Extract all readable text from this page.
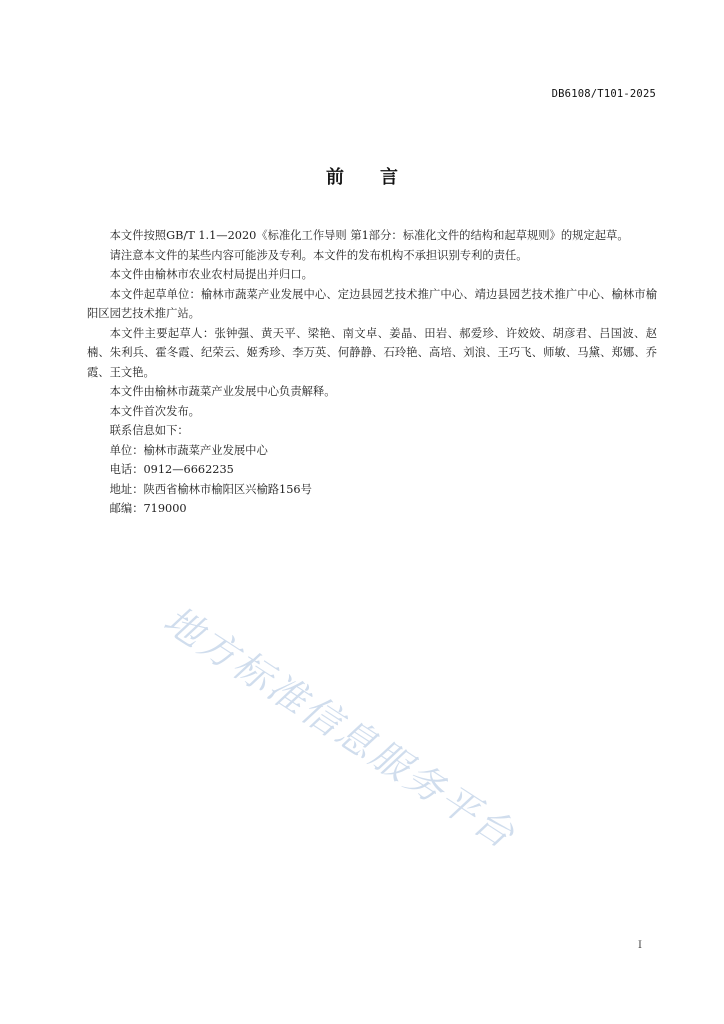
DB6108/T101-2025
前　　言

本文件按照GB/T 1.1—2020《标准化工作导则 第1部分：标准化文件的结构和起草规则》的规定起草。

请注意本文件的某些内容可能涉及专利。本文件的发布机构不承担识别专利的责任。

本文件由榆林市农业农村局提出并归口。

本文件起草单位：榆林市蔬菜产业发展中心、定边县园艺技术推广中心、靖边县园艺技术推广中心、榆林市榆阳区园艺技术推广站。

本文件主要起草人：张钟强、黄天平、梁艳、南文卓、姜晶、田岩、郝爱珍、许姣姣、胡彦君、吕国波、赵楠、朱利兵、霍冬霞、纪荣云、姬秀珍、李万英、何静静、石玲艳、高培、刘浪、王巧飞、师敏、马黛、郑娜、乔霞、王文艳。

本文件由榆林市蔬菜产业发展中心负责解释。

本文件首次发布。

联系信息如下：

单位：榆林市蔬菜产业发展中心

电话：0912—6662235

地址：陕西省榆林市榆阳区兴榆路156号

邮编：719000

地方标准信息服务平台
I
